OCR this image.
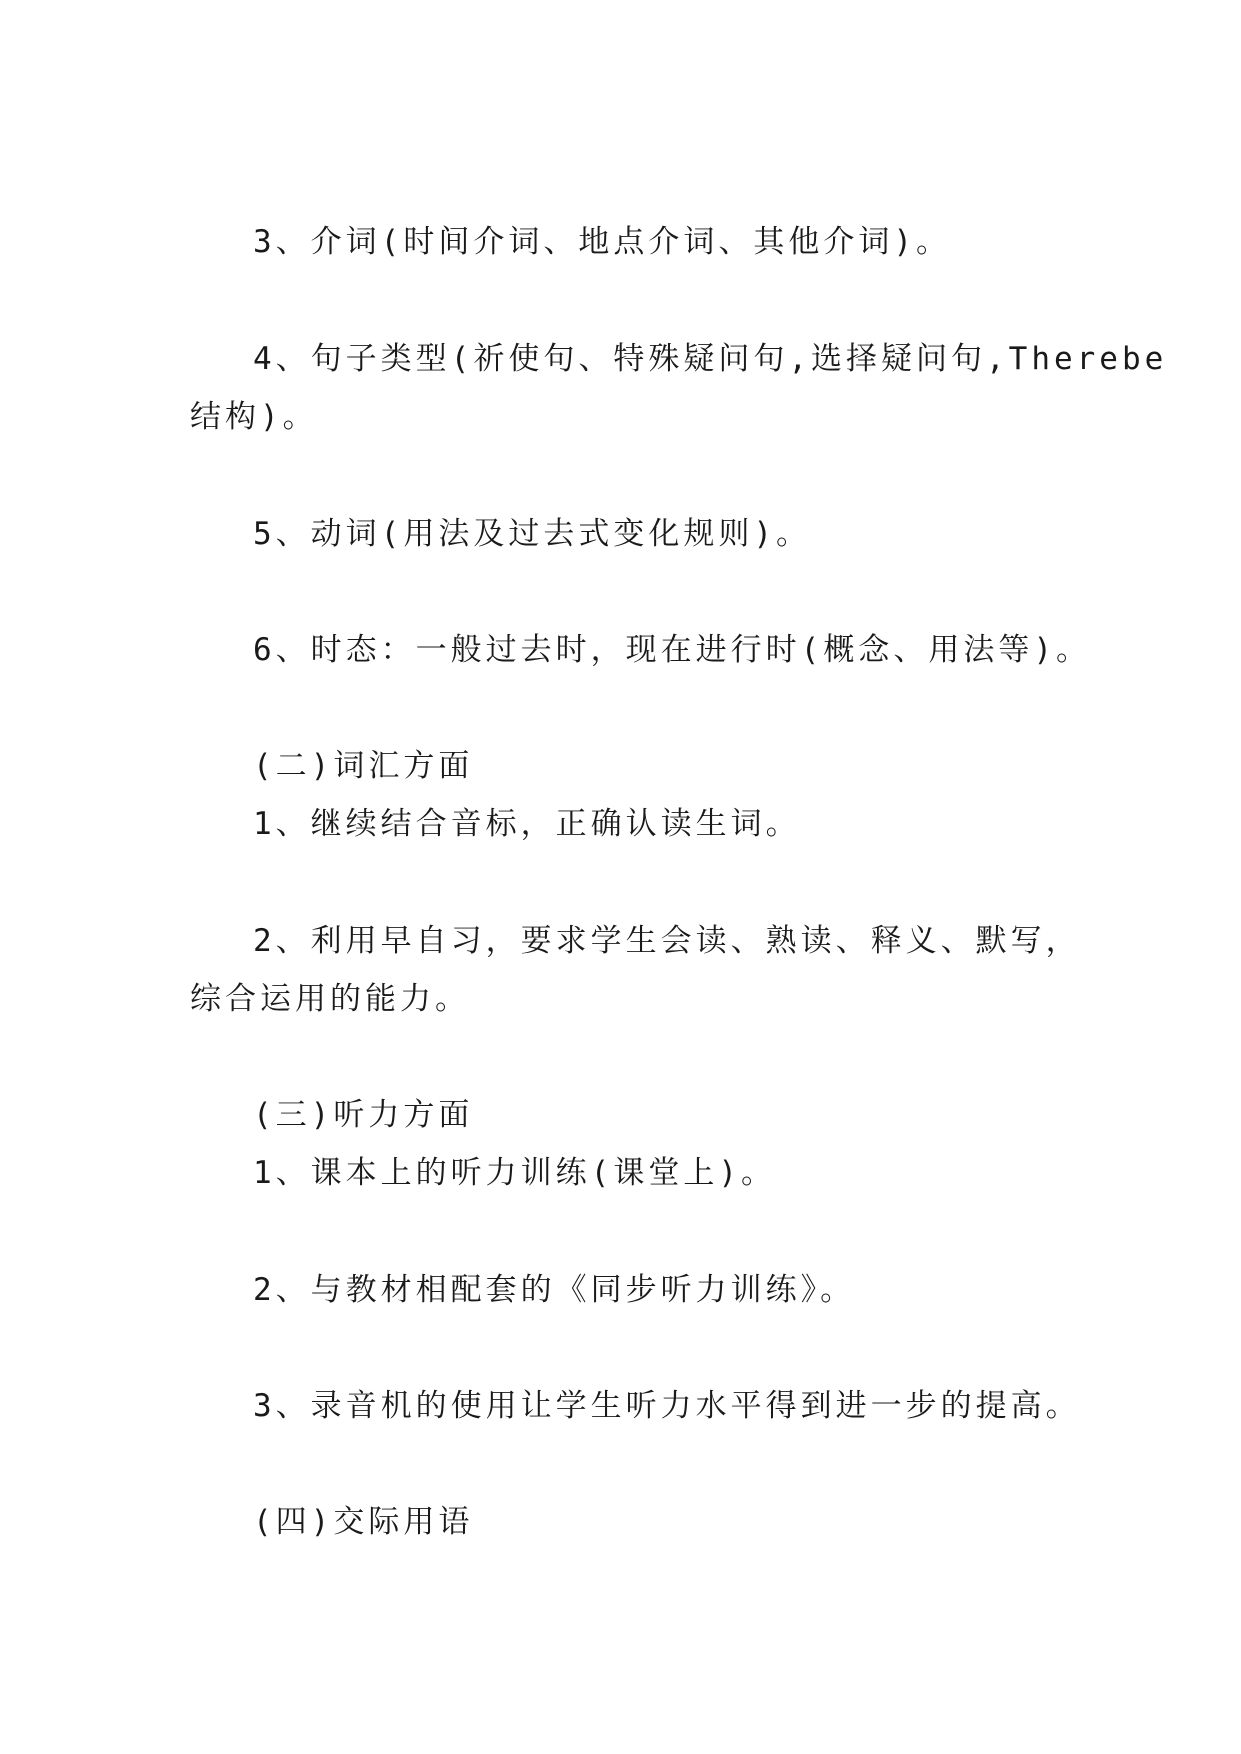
3、介词(时间介词、地点介词、其他介词)。
4、句子类型(祈使句、特殊疑问句,选择疑问句,Therebe
结构)。
5、动词(用法及过去式变化规则)。
6、时态：一般过去时，现在进行时(概念、用法等)。
(二)词汇方面
1、继续结合音标，正确认读生词。
2、利用早自习，要求学生会读、熟读、释义、默写，
综合运用的能力。
(三)听力方面
1、课本上的听力训练(课堂上)。
2、与教材相配套的《同步听力训练》。
3、录音机的使用让学生听力水平得到进一步的提高。
(四)交际用语
